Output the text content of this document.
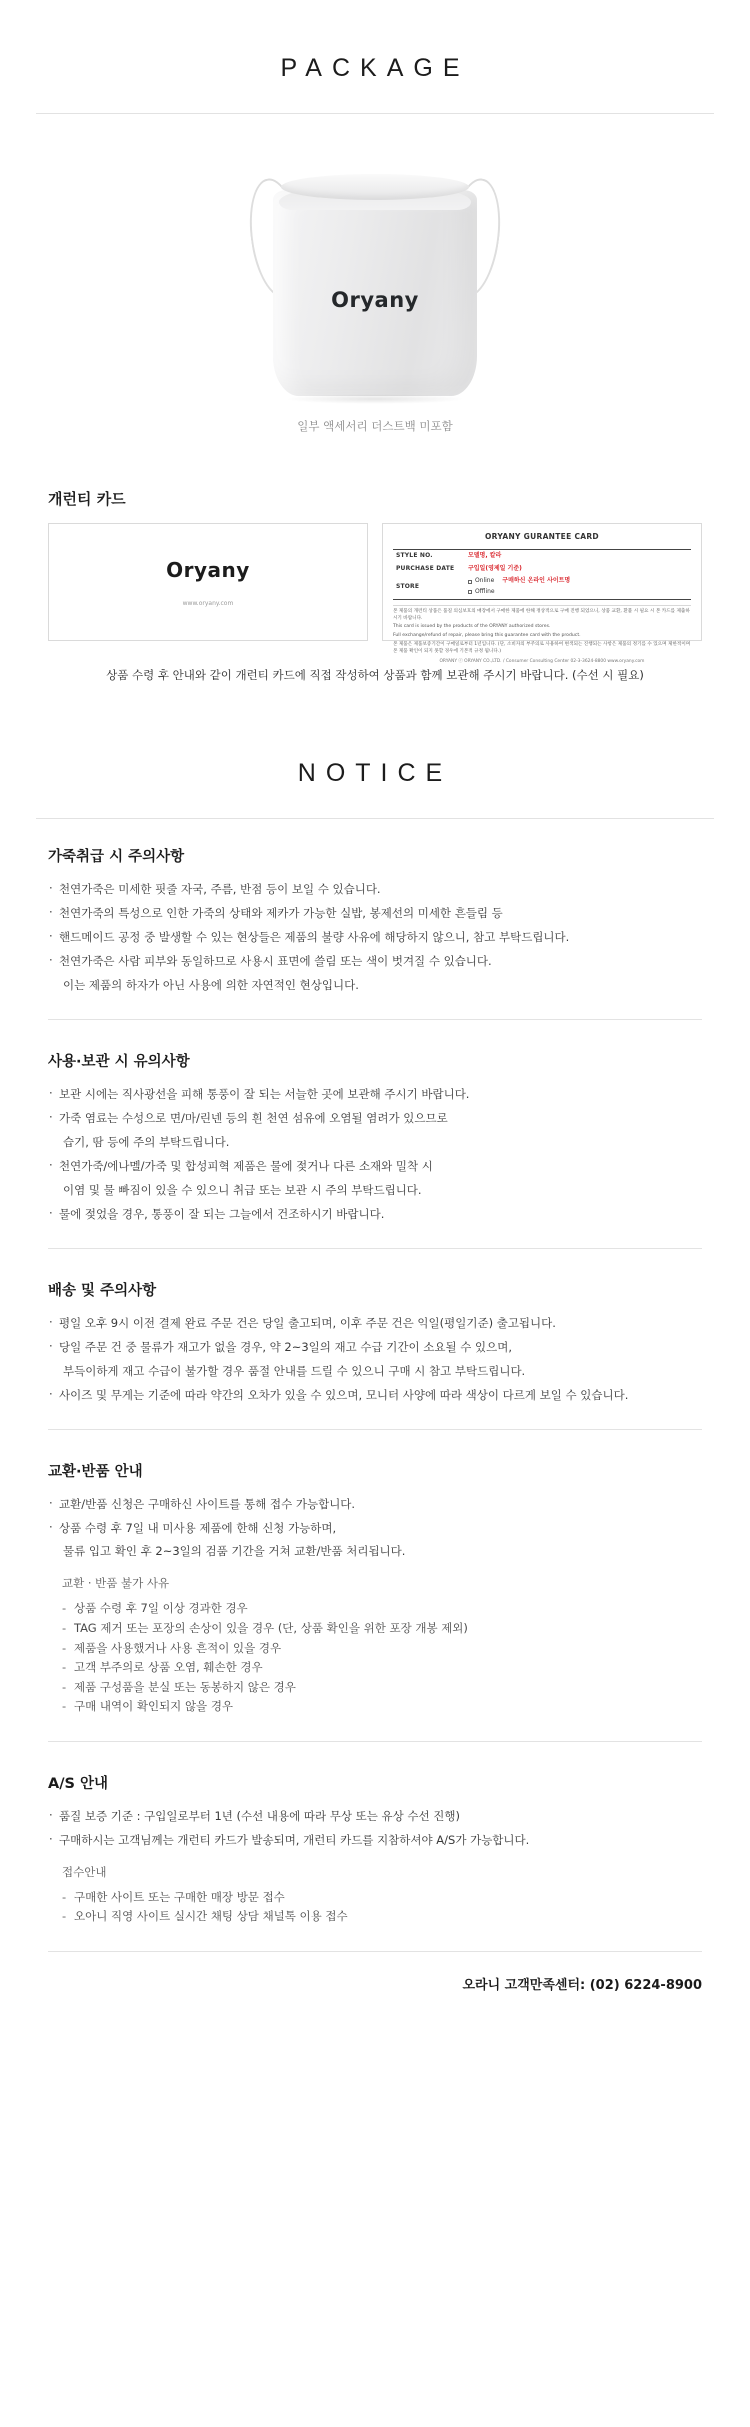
PACKAGE
Oryany
일부 액세서리 더스트백 미포함
개런티 카드
Oryany
www.oryany.com
ORYANY GURANTEE CARD
STYLE NO.	모델명, 칼라
PURCHASE DATE	구입일(영제일 기준)
STORE	Online 구매하신 온라인 사이트명
Offline

본 제품의 개런티 상품은 품질 의심보호의 매장에서 구매한 제품에 한해 정상적으로 구매 진행 되었으니, 상품 교환, 환불 시 필요 시 본 카드를 제출하시기 바랍니다.

This card is issued by the products of the ORYANY authorized stores.

Full exchange/refund of repair, please bring this guarantee card with the product.

본 제품은 제품보증기간이 구매일로부터 1년입니다. (단, 소비자의 부주의로 사용하여 변색되는 진행되는 사항은 제품의 정기를 수 있으며 제한적이며 본 제품 확인이 되지 못할 경우에 기본적 규정 됩니다.)

ORYANY ⓒ ORYANY CO.,LTD. / Consumer Consulting Center 02-3-3624-8800 www.oryany.com
상품 수령 후 안내와 같이 개런티 카드에 직접 작성하여 상품과 함께 보관해 주시기 바랍니다. (수선 시 필요)
NOTICE
가죽취급 시 주의사항
· 천연가죽은 미세한 핏줄 자국, 주름, 반점 등이 보일 수 있습니다.
· 천연가죽의 특성으로 인한 가죽의 상태와 제카가 가능한 실밥, 봉제선의 미세한 흔들림 등
· 핸드메이드 공정 중 발생할 수 있는 현상들은 제품의 불량 사유에 해당하지 않으니, 참고 부탁드립니다.
· 천연가죽은 사람 피부와 동일하므로 사용시 표면에 쓸림 또는 색이 벗겨질 수 있습니다.
이는 제품의 하자가 아닌 사용에 의한 자연적인 현상입니다.
사용·보관 시 유의사항
· 보관 시에는 직사광선을 피해 통풍이 잘 되는 서늘한 곳에 보관해 주시기 바랍니다.
· 가죽 염료는 수성으로 면/마/린넨 등의 흰 천연 섬유에 오염될 염려가 있으므로
습기, 땀 등에 주의 부탁드립니다.
· 천연가죽/에나멜/가죽 및 합성피혁 제품은 물에 젖거나 다른 소재와 밀착 시
이염 및 물 빠짐이 있을 수 있으니 취급 또는 보관 시 주의 부탁드립니다.
· 물에 젖었을 경우, 통풍이 잘 되는 그늘에서 건조하시기 바랍니다.
배송 및 주의사항
· 평일 오후 9시 이전 결제 완료 주문 건은 당일 출고되며, 이후 주문 건은 익일(평일기준) 출고됩니다.
· 당일 주문 건 중 물류가 재고가 없을 경우, 약 2~3일의 재고 수급 기간이 소요될 수 있으며,
부득이하게 재고 수급이 불가할 경우 품절 안내를 드릴 수 있으니 구매 시 참고 부탁드립니다.
· 사이즈 및 무게는 기준에 따라 약간의 오차가 있을 수 있으며, 모니터 사양에 따라 색상이 다르게 보일 수 있습니다.
교환·반품 안내
· 교환/반품 신청은 구매하신 사이트를 통해 접수 가능합니다.
· 상품 수령 후 7일 내 미사용 제품에 한해 신청 가능하며,
물류 입고 확인 후 2~3일의 검품 기간을 거쳐 교환/반품 처리됩니다.
교환 · 반품 불가 사유
- 상품 수령 후 7일 이상 경과한 경우
- TAG 제거 또는 포장의 손상이 있을 경우 (단, 상품 확인을 위한 포장 개봉 제외)
- 제품을 사용했거나 사용 흔적이 있을 경우
- 고객 부주의로 상품 오염, 훼손한 경우
- 제품 구성품을 분실 또는 동봉하지 않은 경우
- 구매 내역이 확인되지 않을 경우
A/S 안내
· 품질 보증 기준 : 구입일로부터 1년 (수선 내용에 따라 무상 또는 유상 수선 진행)
· 구매하시는 고객님께는 개런티 카드가 발송되며, 개런티 카드를 지참하셔야 A/S가 가능합니다.
접수안내
- 구매한 사이트 또는 구매한 매장 방문 접수
- 오아니 직영 사이트 실시간 채팅 상담 채널톡 이용 접수
오라니 고객만족센터: (02) 6224-8900
